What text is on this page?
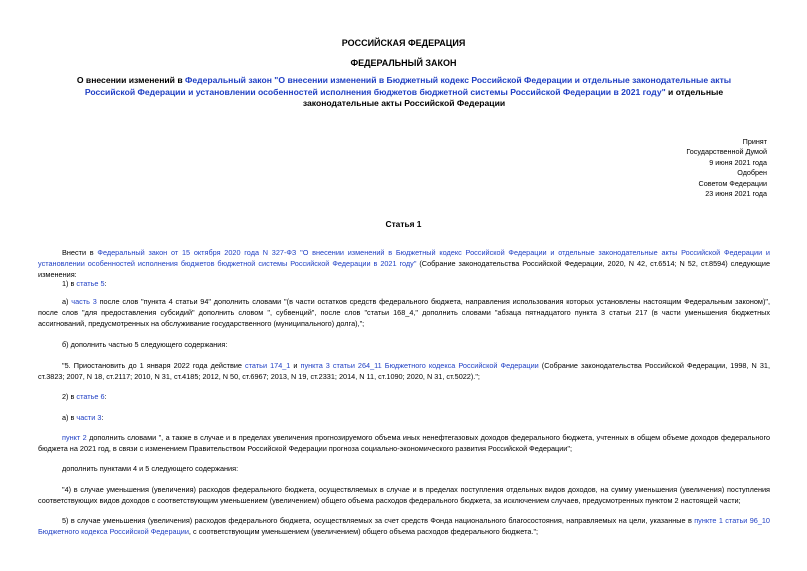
РОССИЙСКАЯ ФЕДЕРАЦИЯ
ФЕДЕРАЛЬНЫЙ ЗАКОН
О внесении изменений в Федеральный закон "О внесении изменений в Бюджетный кодекс Российской Федерации и отдельные законодательные акты Российской Федерации и установлении особенностей исполнения бюджетов бюджетной системы Российской Федерации в 2021 году" и отдельные законодательные акты Российской Федерации
Принят
Государственной Думой
9 июня 2021 года
Одобрен
Советом Федерации
23 июня 2021 года
Статья 1
Внести в Федеральный закон от 15 октября 2020 года N 327-ФЗ "О внесении изменений в Бюджетный кодекс Российской Федерации и отдельные законодательные акты Российской Федерации и установлении особенностей исполнения бюджетов бюджетной системы Российской Федерации в 2021 году" (Собрание законодательства Российской Федерации, 2020, N 42, ст.6514; N 52, ст.8594) следующие изменения:
1) в статье 5:
а) часть 3 после слов "пункта 4 статьи 94" дополнить словами "(в части остатков средств федерального бюджета, направления использования которых установлены настоящим Федеральным законом)", после слов "для предоставления субсидий" дополнить словом ", субвенций", после слов "статьи 168_4," дополнить словами "абзаца пятнадцатого пункта 3 статьи 217 (в части уменьшения бюджетных ассигнований, предусмотренных на обслуживание государственного (муниципального) долга),";
б) дополнить частью 5 следующего содержания:
"5. Приостановить до 1 января 2022 года действие статьи 174_1 и пункта 3 статьи 264_11 Бюджетного кодекса Российской Федерации (Собрание законодательства Российской Федерации, 1998, N 31, ст.3823; 2007, N 18, ст.2117; 2010, N 31, ст.4185; 2012, N 50, ст.6967; 2013, N 19, ст.2331; 2014, N 11, ст.1090; 2020, N 31, ст.5022).";
2) в статье 6:
а) в части 3:
пункт 2 дополнить словами ", а также в случае и в пределах увеличения прогнозируемого объема иных ненефтегазовых доходов федерального бюджета, учтенных в общем объеме доходов федерального бюджета на 2021 год, в связи с изменением Правительством Российской Федерации прогноза социально-экономического развития Российской Федерации";
дополнить пунктами 4 и 5 следующего содержания:
"4) в случае уменьшения (увеличения) расходов федерального бюджета, осуществляемых в случае и в пределах поступления отдельных видов доходов, на сумму уменьшения (увеличения) поступления соответствующих видов доходов с соответствующим уменьшением (увеличением) общего объема расходов федерального бюджета, за исключением случаев, предусмотренных пунктом 2 настоящей части;
5) в случае уменьшения (увеличения) расходов федерального бюджета, осуществляемых за счет средств Фонда национального благосостояния, направляемых на цели, указанные в пункте 1 статьи 96_10 Бюджетного кодекса Российской Федерации, с соответствующим уменьшением (увеличением) общего объема расходов федерального бюджета.";
